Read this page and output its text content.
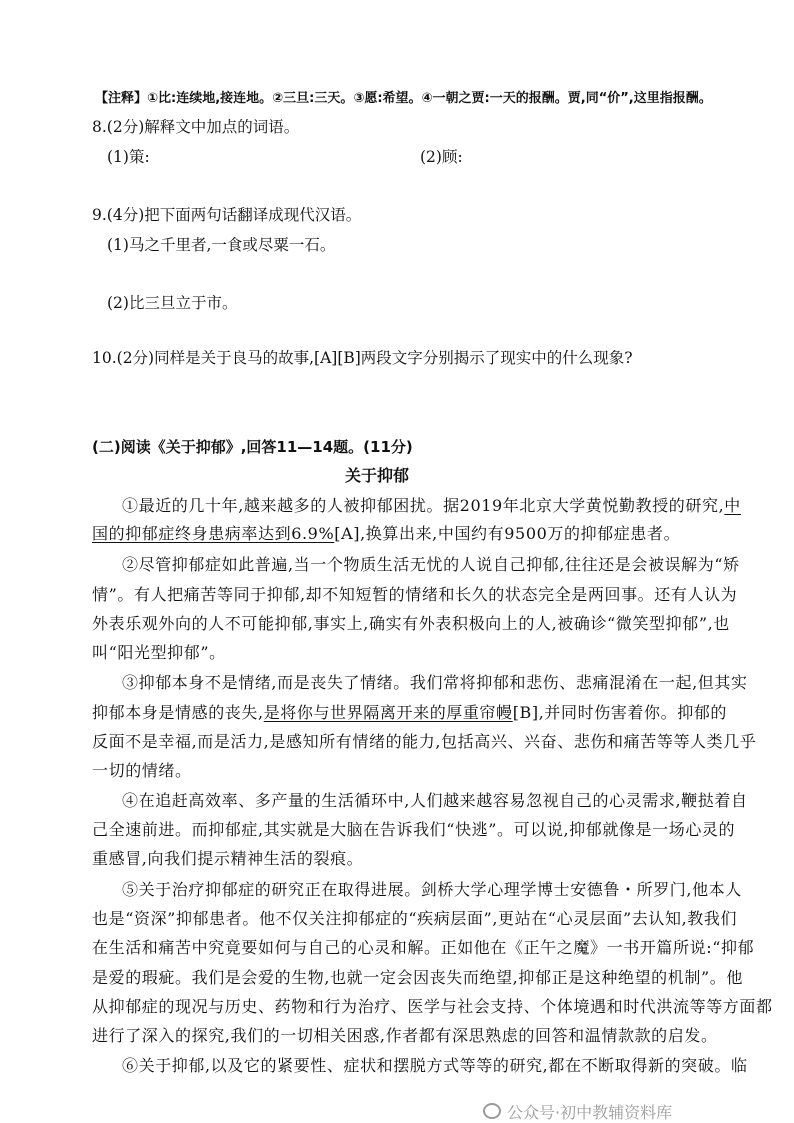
【注释】①比:连续地,接连地。②三旦:三天。③愿:希望。④一朝之贾:一天的报酬。贾,同“价”,这里指报酬。
8.(2分)解释文中加点的词语。
(1)策:	(2)顾:
9.(4分)把下面两句话翻译成现代汉语。
(1)马之千里者,一食或尽粟一石。
(2)比三旦立于市。
10.(2分)同样是关于良马的故事,[A][B]两段文字分别揭示了现实中的什么现象?
(二)阅读《关于抑郁》,回答11—14题。(11分)
关于抑郁
①最近的几十年,越来越多的人被抑郁困扰。据2019年北京大学黄悦勤教授的研究,中
国的抑郁症终身患病率达到6.9%[A],换算出来,中国约有9500万的抑郁症患者。
②尽管抑郁症如此普遍,当一个物质生活无忧的人说自己抑郁,往往还是会被误解为“矫
情”。有人把痛苦等同于抑郁,却不知短暂的情绪和长久的状态完全是两回事。还有人认为
外表乐观外向的人不可能抑郁,事实上,确实有外表积极向上的人,被确诊“微笑型抑郁”,也
叫“阳光型抑郁”。
③抑郁本身不是情绪,而是丧失了情绪。我们常将抑郁和悲伤、悲痛混淆在一起,但其实
抑郁本身是情感的丧失,是将你与世界隔离开来的厚重帘幔[B],并同时伤害着你。抑郁的
反面不是幸福,而是活力,是感知所有情绪的能力,包括高兴、兴奋、悲伤和痛苦等等人类几乎
一切的情绪。
④在追赶高效率、多产量的生活循环中,人们越来越容易忽视自己的心灵需求,鞭挞着自
己全速前进。而抑郁症,其实就是大脑在告诉我们“快逃”。可以说,抑郁就像是一场心灵的
重感冒,向我们提示精神生活的裂痕。
⑤关于治疗抑郁症的研究正在取得进展。剑桥大学心理学博士安德鲁・所罗门,他本人
也是“资深”抑郁患者。他不仅关注抑郁症的“疾病层面”,更站在“心灵层面”去认知,教我们
在生活和痛苦中究竟要如何与自己的心灵和解。正如他在《正午之魔》一书开篇所说:“抑郁
是爱的瑕疵。我们是会爱的生物,也就一定会因丧失而绝望,抑郁正是这种绝望的机制”。他
从抑郁症的现况与历史、药物和行为治疗、医学与社会支持、个体境遇和时代洪流等等方面都
进行了深入的探究,我们的一切相关困惑,作者都有深思熟虑的回答和温情款款的启发。
⑥关于抑郁,以及它的紧要性、症状和摆脱方式等等的研究,都在不断取得新的突破。临
公众号·初中教辅资料库
